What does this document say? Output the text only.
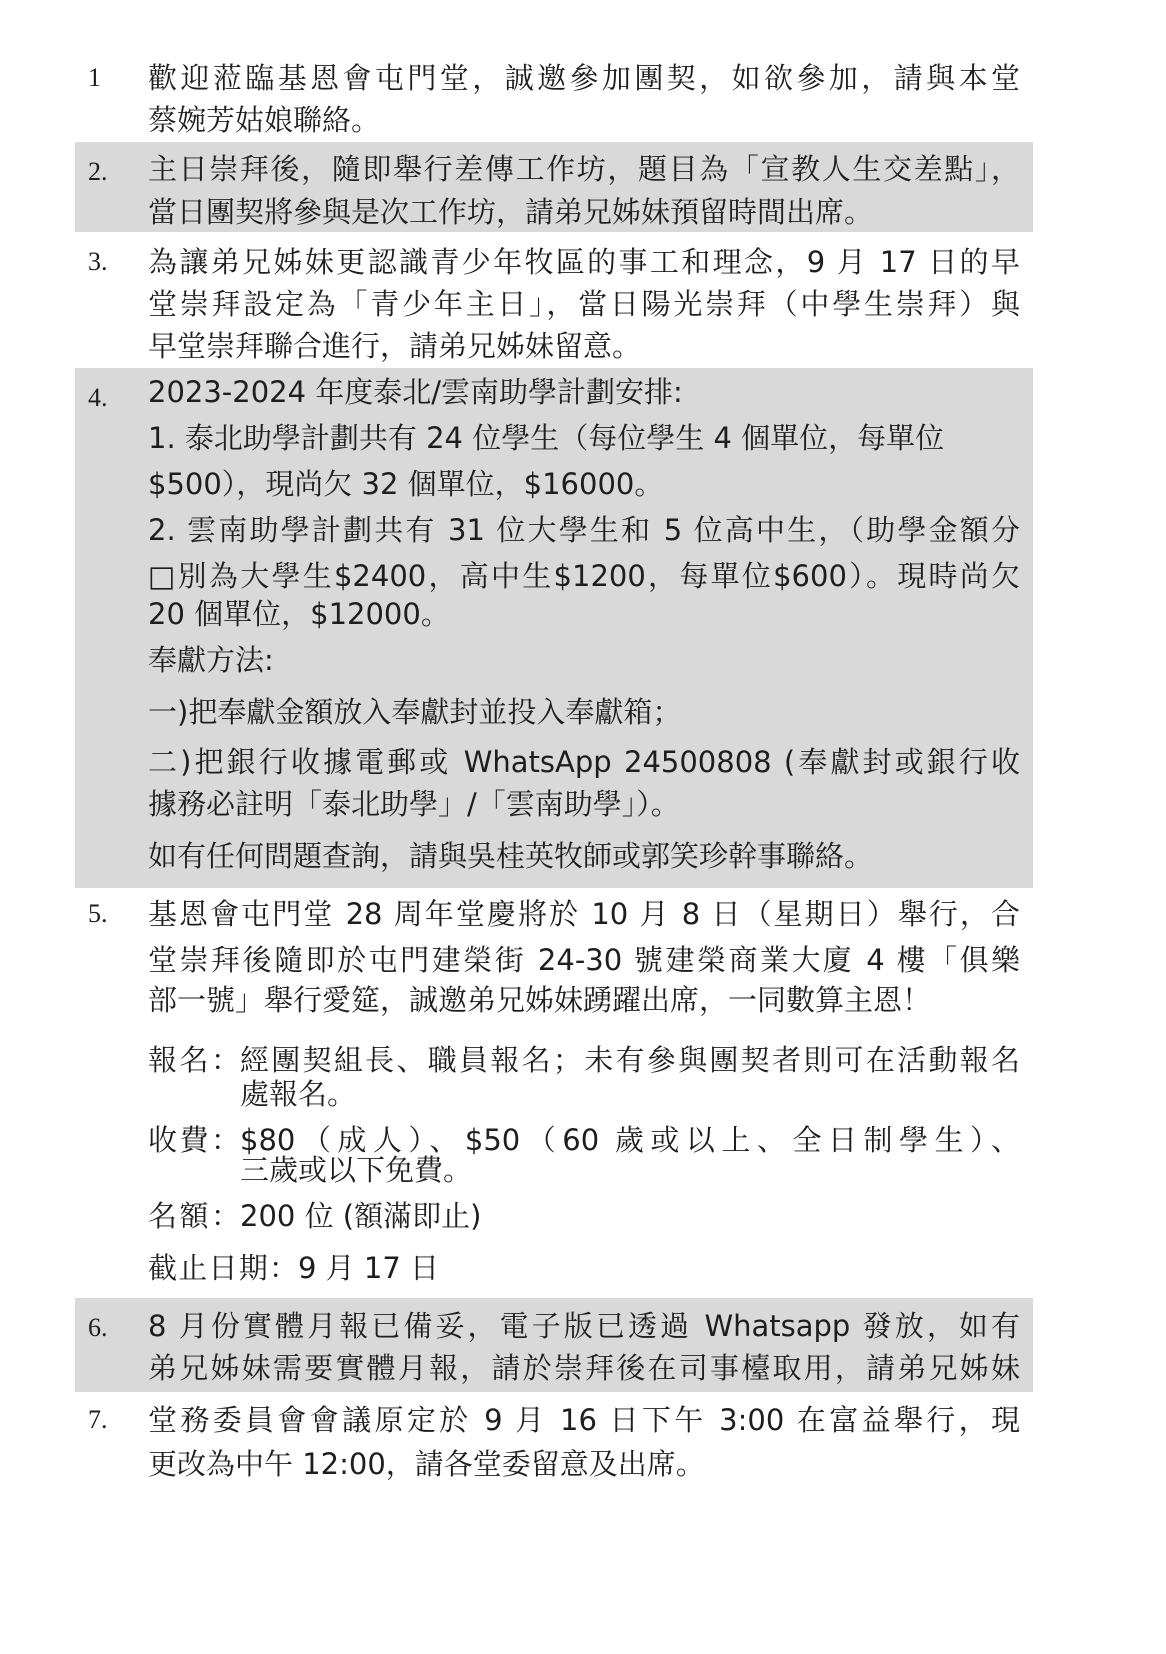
1 歡迎蒞臨基恩會屯門堂，誠邀參加團契，如欲參加，請與本堂
蔡婉芳姑娘聯絡。
2. 主日崇拜後，隨即舉行差傳工作坊，題目為「宣教人生交差點」，
當日團契將參與是次工作坊，請弟兄姊妹預留時間出席。
3. 為讓弟兄姊妹更認識青少年牧區的事工和理念，9 月 17 日的早
堂崇拜設定為「青少年主日」，當日陽光崇拜（中學生崇拜）與
早堂崇拜聯合進行，請弟兄姊妹留意。
4. 2023-2024 年度泰北/雲南助學計劃安排:
1. 泰北助學計劃共有 24 位學生（每位學生 4 個單位，每單位
$500），現尚欠 32 個單位，$16000。
2. 雲南助學計劃共有 31 位大學生和 5 位高中生，（助學金額分
□別為大學生$2400，高中生$1200，每單位$600）。現時尚欠
20 個單位，$12000。
奉獻方法:
一)把奉獻金額放入奉獻封並投入奉獻箱；
二)把銀行收據電郵或 WhatsApp 24500808 (奉獻封或銀行收
據務必註明「泰北助學」/「雲南助學」）。
如有任何問題查詢，請與吳桂英牧師或郭笑珍幹事聯絡。
5. 基恩會屯門堂 28 周年堂慶將於 10 月 8 日（星期日）舉行，合
堂崇拜後隨即於屯門建榮街 24-30 號建榮商業大廈 4 樓「俱樂
部一號」舉行愛筵，誠邀弟兄姊妹踴躍出席，一同數算主恩！
報名： 經團契組長、職員報名；未有參與團契者則可在活動報名
處報名。
收費： $80（成人）、$50（60 歲或以上、全日制學生）、
三歲或以下免費。
名額： 200 位 (額滿即止)
截止日期： 9 月 17 日
6. 8 月份實體月報已備妥，電子版已透過 Whatsapp 發放，如有
弟兄姊妹需要實體月報，請於崇拜後在司事檯取用，請弟兄姊妹
7. 堂務委員會會議原定於 9 月 16 日下午 3:00 在富益舉行，現
更改為中午 12:00，請各堂委留意及出席。
